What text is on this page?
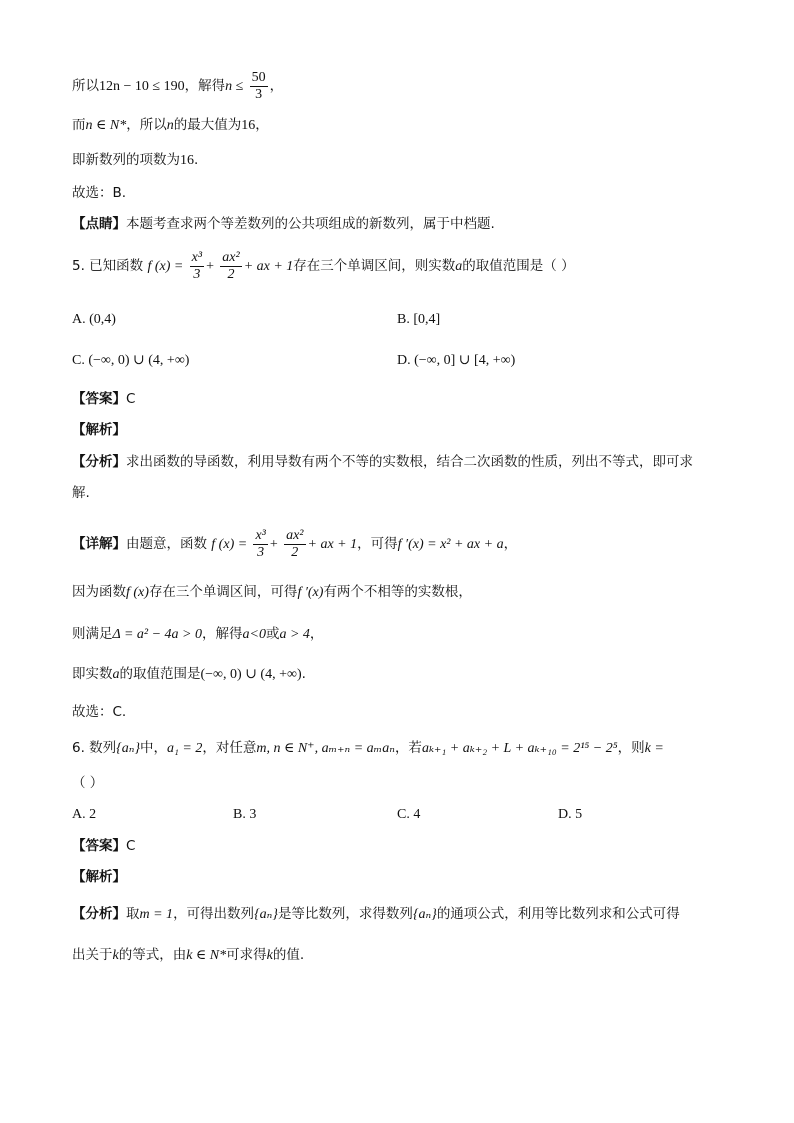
所以12n − 10 ≤ 190，解得$n \le \frac{50}{3}$ ，
而n ∈ N*，所以n的最大值为16，
即新数列的项数为16.
故选：B.
【点睛】本题考查求两个等差数列的公共项组成的新数列，属于中档题.
5. 已知函数 f $(x) = \frac{\text{x³}}{3} + \frac{\text{ax²}}{2}$ + ax + 1存在三个单调区间，则实数a的取值范围是（ ）
A. (0,4)	B. [0,4]
C. (−∞, 0) ∪ (4, +∞)	D. (−∞, 0] ∪ [4, +∞)
【答案】C
【解析】
【分析】求出函数的导函数，利用导数有两个不等的实数根，结合二次函数的性质，列出不等式，即可求
解.
【详解】由题意，函数 f $(x) = \frac{\text{x³}}{3} + \frac{\text{ax²}}{2}$ + ax + 1，可得f ′(x) = x² + ax + a，
因为函数f (x)存在三个单调区间，可得f ′(x)有两个不相等的实数根，
则满足Δ = a² − 4a > 0，解得a<0或a > 4，
即实数a的取值范围是(−∞, 0) ∪ (4, +∞).
故选：C.
6. 数列{aₙ}中，a₁ = 2，对任意m, n ∈ N⁺, aₘ₊ₙ = aₘaₙ，若aₖ₊₁ + aₖ₊₂ + L + aₖ₊₁₀ = 2¹⁵ − 2⁵，则k =
（ ）
A. 2	B. 3	C. 4	D. 5
【答案】C
【解析】
【分析】取m = 1，可得出数列{aₙ}是等比数列，求得数列{aₙ}的通项公式，利用等比数列求和公式可得
出关于k的等式，由k ∈ N*可求得k的值.
